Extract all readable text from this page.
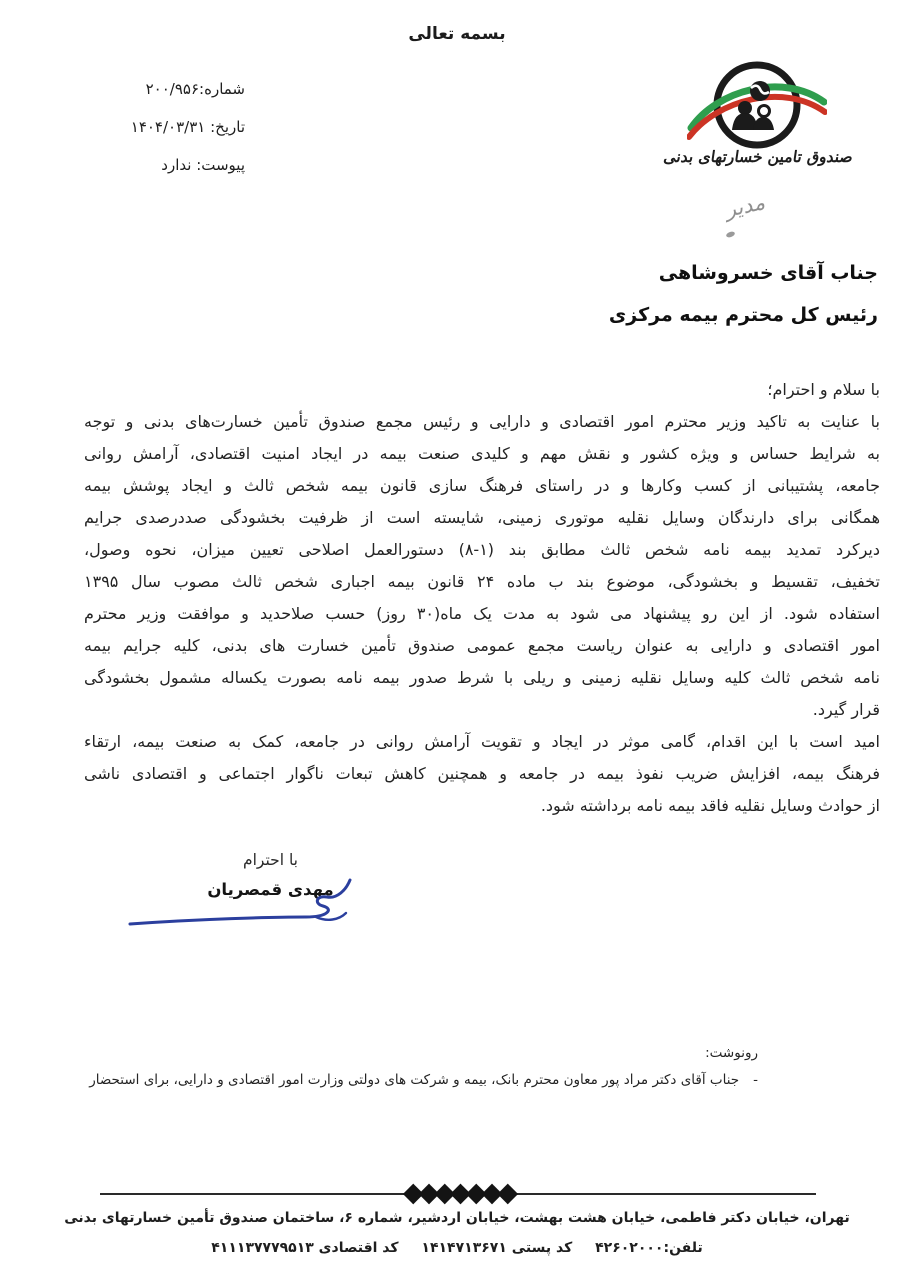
بسمه تعالی
شماره:۲۰۰/۹۵۶
تاریخ: ۱۴۰۴/۰۳/۳۱
پیوست: ندارد	صندوق تامین خسارتهای بدنی
مدیر
جناب آقای خسروشاهی
رئیس کل محترم بیمه مرکزی
با سلام و احترام؛
با عنایت به تاکید وزیر محترم امور اقتصادی و دارایی و رئیس مجمع صندوق تأمین خسارت‌های بدنی و توجه
به شرایط حساس و ویژه کشور و نقش مهم و کلیدی صنعت بیمه در ایجاد امنیت اقتصادی، آرامش روانی
جامعه، پشتیبانی از کسب وکارها و در راستای فرهنگ سازی قانون بیمه شخص ثالث و ایجاد پوشش بیمه
همگانی برای دارندگان وسایل نقلیه موتوری زمینی، شایسته است از ظرفیت بخشودگی صددرصدی جرایم
دیرکرد تمدید بیمه نامه شخص ثالث مطابق بند (۱-۸) دستورالعمل اصلاحی تعیین میزان، نحوه وصول،
تخفیف، تقسیط و بخشودگی، موضوع بند ب ماده ۲۴ قانون بیمه اجباری شخص ثالث مصوب سال ۱۳۹۵
استفاده شود. از این رو پیشنهاد می شود به مدت یک ماه(۳۰ روز) حسب صلاحدید و موافقت وزیر محترم
امور اقتصادی و دارایی به عنوان ریاست مجمع عمومی صندوق تأمین خسارت های بدنی، کلیه جرایم بیمه
نامه شخص ثالث کلیه وسایل نقلیه زمینی و ریلی با شرط صدور بیمه نامه بصورت یکساله مشمول بخشودگی
قرار گیرد.
امید است با این اقدام، گامی موثر در ایجاد و تقویت آرامش روانی در جامعه، کمک به صنعت بیمه، ارتقاء
فرهنگ بیمه، افزایش ضریب نفوذ بیمه در جامعه و همچنین کاهش تبعات ناگوار اجتماعی و اقتصادی ناشی
از حوادث وسایل نقلیه فاقد بیمه نامه برداشته شود.
با احترام
مهدی قمصریان
رونوشت:
-جناب آقای دکتر مراد پور معاون محترم بانک، بیمه و شرکت های دولتی وزارت امور اقتصادی و دارایی، برای استحضار
◆◆◆◆◆◆◆
تهران، خیابان دکتر فاطمی، خیابان هشت بهشت، خیابان اردشیر، شماره ۶، ساختمان صندوق تأمین خسارتهای بدنی
تلفن:۴۲۶۰۲۰۰۰ کد پستی ۱۴۱۴۷۱۳۶۷۱ کد اقتصادی ۴۱۱۱۳۷۷۷۹۵۱۳
